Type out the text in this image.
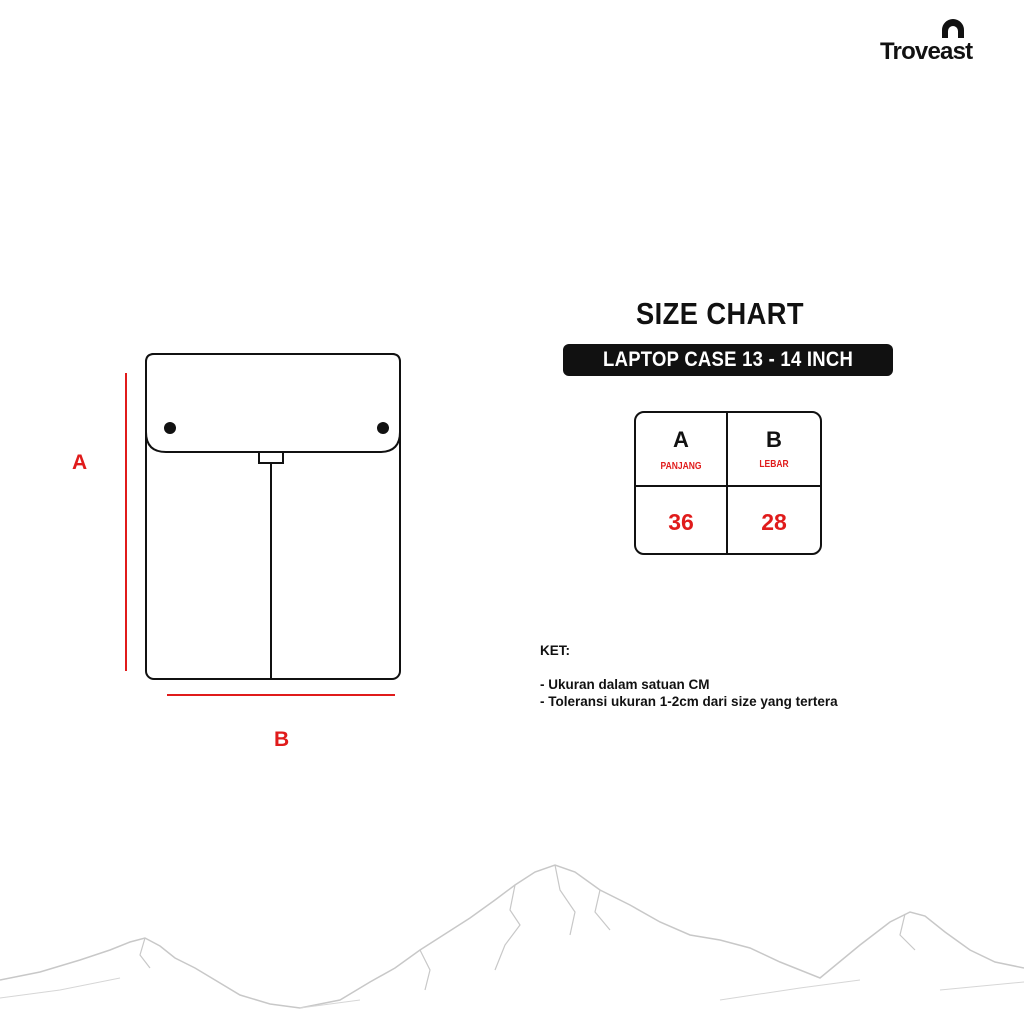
Troveast
A
B
SIZE CHART
LAPTOP CASE 13 - 14 INCH
A
PANJANG
B
LEBAR
36	28
KET:
- Ukuran dalam satuan CM
- Toleransi ukuran 1-2cm dari size yang tertera
